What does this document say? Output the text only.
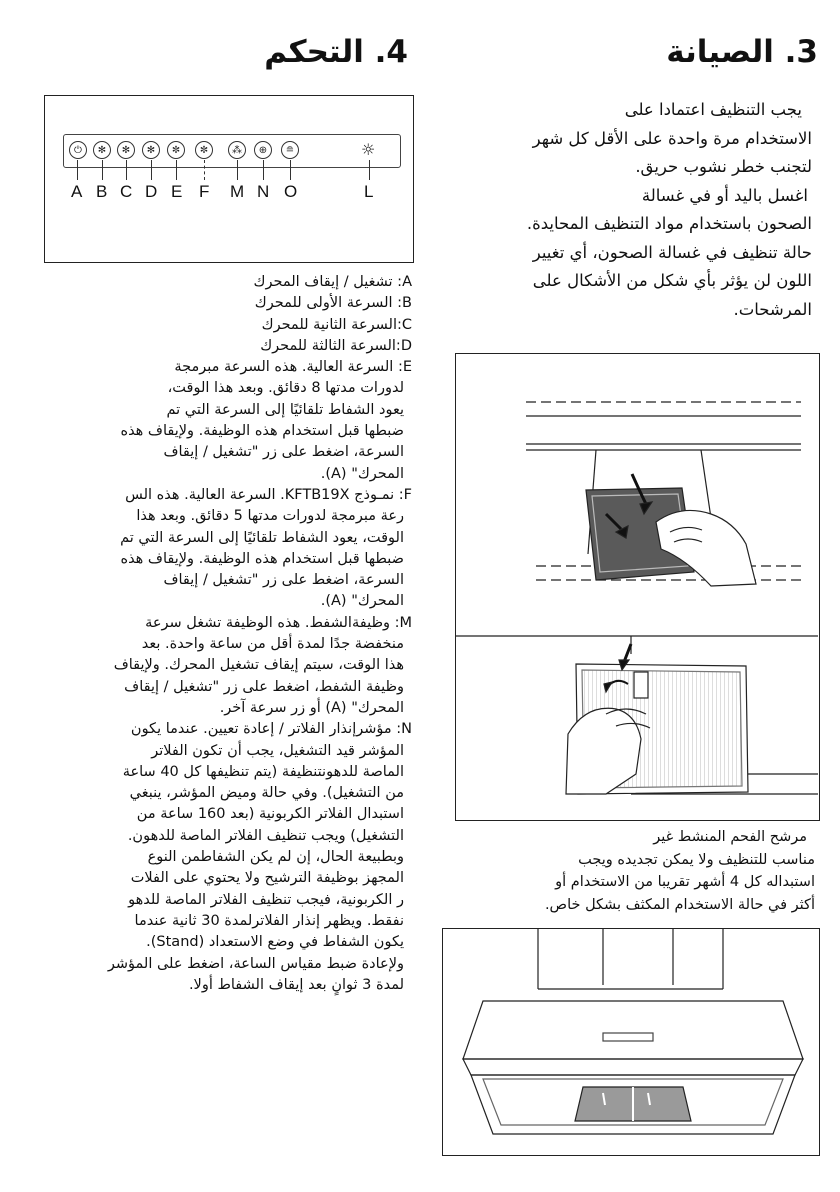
3. الصيانة
يجب التنظيف اعتمادا على
الاستخدام مرة واحدة على الأقل كل شهر
لتجنب خطر نشوب حريق.
اغسل باليد أو في غسالة
الصحون باستخدام مواد التنظيف المحايدة.
حالة تنظيف في غسالة الصحون، أي تغيير
اللون لن يؤثر بأي شكل من الأشكال على
المرشحات.
مرشح الفحم المنشط غير
مناسب للتنظيف ولا يمكن تجديده ويجب
استبداله كل 4 أشهر تقريبا من الاستخدام أو
أكثر في حالة الاستخدام المكثف بشكل خاص.
4. التحكم
⏻	✻	✻	✻	✼	✼	⁂	⊕	≘	☼
A B C D E F M N O	L

A: تشغيل / إيقاف المحرك

B: السرعة الأولى للمحرك

C:السرعة الثانية للمحرك

D:السرعة الثالثة للمحرك

E: السرعة العالية. هذه السرعة مبرمجة

لدورات مدتها 8 دقائق. وبعد هذا الوقت،

يعود الشفاط تلقائيًا إلى السرعة التي تم

ضبطها قبل استخدام هذه الوظيفة. ولإيقاف هذه

السرعة، اضغط على زر "تشغيل / إيقاف

المحرك" (A).

F: نمـوذج KFTB19X. السرعة العالية. هذه الس

رعة مبرمجة لدورات مدتها 5 دقائق. وبعد هذا

الوقت، يعود الشفاط تلقائيًا إلى السرعة التي تم

ضبطها قبل استخدام هذه الوظيفة. ولإيقاف هذه

السرعة، اضغط على زر "تشغيل / إيقاف

المحرك" (A).

M: وظيفةالشفط. هذه الوظيفة تشغل سرعة

منخفضة جدًا لمدة أقل من ساعة واحدة. بعد

هذا الوقت، سيتم إيقاف تشغيل المحرك. ولإيقاف

وظيفة الشفط، اضغط على زر "تشغيل / إيقاف

المحرك" (A) أو زر سرعة آخر.

N: مؤشرإنذار الفلاتر / إعادة تعيين. عندما يكون

المؤشر قيد التشغيل، يجب أن تكون الفلاتر

الماصة للدهونتنظيفة (يتم تنظيفها كل 40 ساعة

من التشغيل). وفي حالة وميض المؤشر، ينبغي

استبدال الفلاتر الكربونية (بعد 160 ساعة من

التشغيل) ويجب تنظيف الفلاتر الماصة للدهون.

وبطبيعة الحال، إن لم يكن الشفاطمن النوع

المجهز بوظيفة الترشيح ولا يحتوي على الفلات

ر الكربونية، فيجب تنظيف الفلاتر الماصة للدهو

نفقط. ويظهر إنذار الفلاترلمدة 30 ثانية عندما

يكون الشفاط في وضع الاستعداد (Stand).

ولإعادة ضبط مقياس الساعة، اضغط على المؤشر

لمدة 3 ثوانٍ بعد إيقاف الشفاط أولا.
